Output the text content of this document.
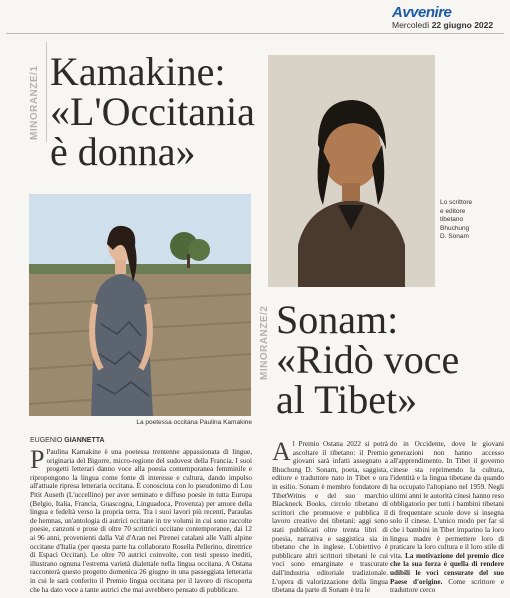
Avvenire
Mercoledì 22 giugno 2022
MINORANZE/1 Kamakine:
«L'Occitania
è donna»
Lo scrittore
e editore
tibetano
Bhuchung
D. Sonam
La poetessa occitana Paulina Kamakine
MINORANZE/2 Sonam:
«Ridò voce
al Tibet»
EUGENIO GIANNETTA
P Paulina Kamakine è una poetessa trentenne appassionata di lingue, originaria del Bigorre, micro-regione del sudovest della Francia. I suoi progetti letterari danno voce alla poesia contemporanea femminile e ripropongono la lingua come fonte di interesse e cultura, dando impulso all'attuale ripresa letteraria occitana. È conosciuta con lo pseudonimo di Lou Pitit Auseth (L'uccellino) per aver seminato e diffuso poesie in tutta Europa (Belgio, Italia, Francia, Guascogna, Linguadoca, Provenza) per amore della lingua e fedeltà verso la propria terra. Tra i suoi lavori più recenti, Paraulas de hemnas, un'antologia di autrici occitane in tre volumi in cui sono raccolte poesie, canzoni e prose di oltre 70 scrittrici occitane contemporanee, dai 12 ai 96 anni, provenienti dalla Val d'Aran nei Pirenei catalani alle Valli alpine occitane d'Italia (per questa parte ha collaborato Rosella Pellerino, direttrice di Espaci Occitan). Le oltre 70 autrici coinvolte, con testi spesso inediti, illustrano ognuna l'estrema varietà dialettale nella lingua occitana. A Ostana racconterà questo progetto domenica 26 giugno in una passeggiata letteraria in cui le sarà conferito il Premio lingua occitana per il lavoro di riscoperta che ha dato voce a tante autrici che mai avrebbero pensato di pubblicare.
Al Premio Ostana 2022 si potrà ascoltare il tibetano: il Premio giovani sarà infatti assegnato a Bhuchung D. Sonam, poeta, saggista, editore e traduttore nato in Tibet e ora in esilio. Sonam è membro fondatore di TibetWrites e del suo marchio Blackneck Books, circolo tibetano di scrittori che promuove e pubblica il lavoro creativo dei tibetani: aggi sono stati pubblicati oltre trenta libri di poesia, narrativa e saggistica sia in tibetano che in inglese. L'obiettivo è pubblicare altri scrittori tibetani le cui voci sono emarginate e trascurate dall'industria editoriale tradizionale. L'opera di valorizzazione della lingua tibetana da parte di Sonam è tra le
do in Occidente, dove le giovani generazioni non hanno accesso all'apprendimento. In Tibet il governo cinese sta reprimendo la cultura, l'identità e la lingua tibetane da quando ha occupato l'altopiano nel 1959. Negli ultimi anni le autorità cinesi hanno reso obbligatorio per tutti i bambini tibetani di frequentare scuole dove si insegna solo il cinese. L'unico modo per far sì che i bambini in Tibet imparino la loro lingua madre è permettere loro di praticare la loro cultura e il loro stile di vita. La motivazione del premio dice che la sua forza è quella di rendere udibili le voci censurate del suo Paese d'origine. Come scrittore e traduttore cerco
